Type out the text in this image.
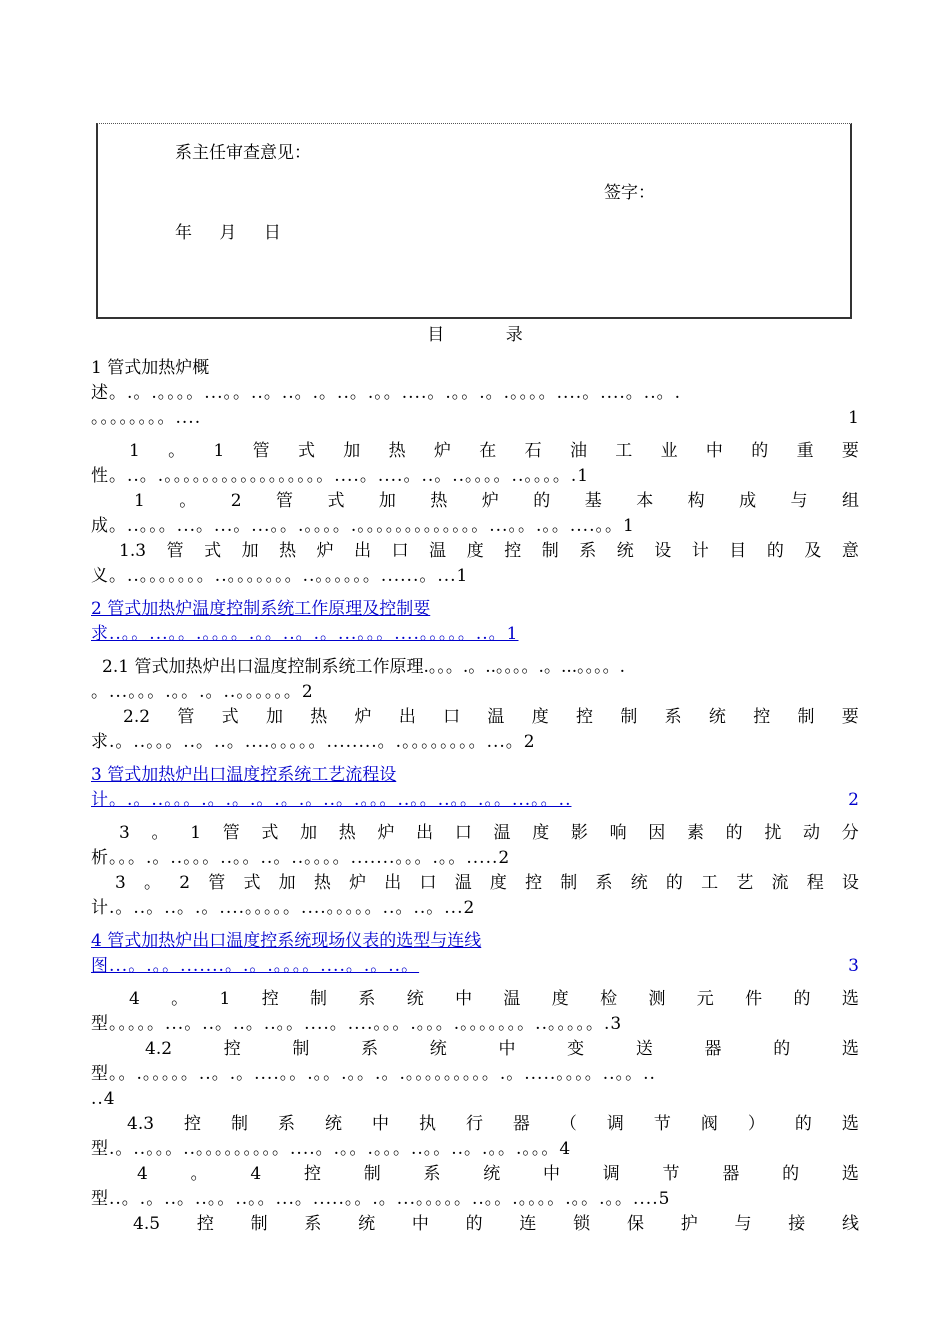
系主任审查意见：
签字：
年 月 日
目 录
1 管式加热炉概
述。.。.。。。。...。。..。..。.。..。.。。....。.。。.。.。。。。....。....。..。.
。。。。。。。。....	1
1 。 1 管 式 加 热 炉 在 石 油 工 业 中 的 重 要
性。..。.。。。。。。。。。。。。。。。。。....。....。..。..。。。。..。。。。.1
1 。 2 管 式 加 热 炉 的 基 本 构 成 与 组
成。..。。。...。...。...。。.。。。。.。。。。。。。。。。。。。...。。.。。....。。1
1.3 管 式 加 热 炉 出 口 温 度 控 制 系 统 设 计 目 的 及 意
义。..。。。。。。。..。。。。。。。..。。。。。。......。...1
2 管式加热炉温度控制系统工作原理及控制要
求..。。...。。.。。。。.。。..。.。...。。。....。。。。。..。1
2.1 管式加热炉出口温度控制系统工作原理.。。。.。..。。。。.。...。。。。.
。...。。。.。。.。..。。。。。。2
2.2 管 式 加 热 炉 出 口 温 度 控 制 系 统 控 制 要
求.。..。。。..。..。....。。。。。........。.。。。。。。。。...。2
3 管式加热炉出口温度控系统工艺流程设
计。.。..。。。.。.。.。.。.。..。.。。。..。。..。。.。。...。。..	2
3 。 1 管 式 加 热 炉 出 口 温 度 影 响 因 素 的 扰 动 分
析。。。.。..。。。..。。..。..。。。。.......。。。.。。.....2
3 。 2 管 式 加 热 炉 出 口 温 度 控 制 系 统 的 工 艺 流 程 设
计.。..。..。.。....。。。。。....。。。。。..。..。...2
4 管式加热炉出口温度控系统现场仪表的选型与连线
图...。.。。.......。.。.。。。。....。.。..。	3
4 。 1 控 制 系 统 中 温 度 检 测 元 件 的 选
型。。。。。...。..。..。..。。....。....。。。.。。。.。。。。。。。..。。。。。.3
4.2	控	制	系	统	中	变	送	器	的	选
型。。.。。。。。..。.。....。。.。。.。。.。.。。。。。。。。。.。.....。。。。..。。..
..4
4.3 控 制 系 统 中 执 行 器 （ 调 节 阀 ） 的 选
型.。..。。。..。。。。。。。。。....。.。。.。。。..。。..。.。。.。。。4
4	。	4	控	制	系	统	中	调	节	器	的	选
型..。.。..。..。。..。。...。.....。。.。...。。。。。..。。.。。。。.。。.。。....5
4.5 控 制 系 统 中 的 连 锁 保 护 与 接 线
